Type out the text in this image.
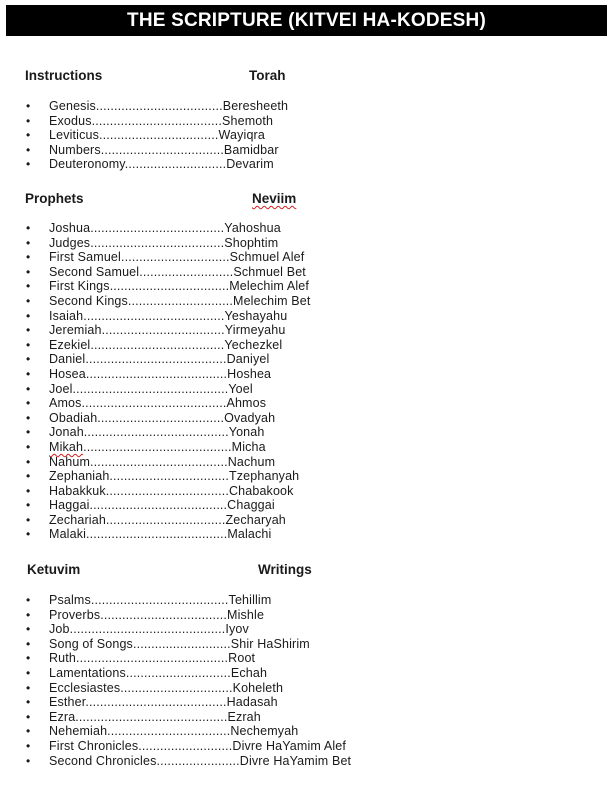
THE SCRIPTURE (KITVEI HA-KODESH)
Instructions	Torah
• Genesis...................................Beresheeth
• Exodus....................................Shemoth
• Leviticus.................................Wayiqra
• Numbers..................................Bamidbar
• Deuteronomy............................Devarim
Prophets	Neviim
• Joshua.....................................Yahoshua
• Judges.....................................Shophtim
• First Samuel..............................Schmuel Alef
• Second Samuel..........................Schmuel Bet
• First Kings.................................Melechim Alef
• Second Kings.............................Melechim Bet
• Isaiah.......................................Yeshayahu
• Jeremiah..................................Yirmeyahu
• Ezekiel.....................................Yechezkel
• Daniel.......................................Daniyel
• Hosea.......................................Hoshea
• Joel...........................................Yoel
• Amos........................................Ahmos
• Obadiah...................................Ovadyah
• Jonah........................................Yonah
• Mikah.........................................Micha
• Nahum......................................Nachum
• Zephaniah.................................Tzephanyah
• Habakkuk..................................Chabakook
• Haggai......................................Chaggai
• Zechariah.................................Zecharyah
• Malaki.......................................Malachi
Ketuvim	Writings
• Psalms......................................Tehillim
• Proverbs...................................Mishle
• Job...........................................Iyov
• Song of Songs...........................Shir HaShirim
• Ruth..........................................Root
• Lamentations.............................Echah
• Ecclesiastes...............................Koheleth
• Esther.......................................Hadasah
• Ezra..........................................Ezrah
• Nehemiah..................................Nechemyah
• First Chronicles..........................Divre HaYamim Alef
• Second Chronicles.......................Divre HaYamim Bet
